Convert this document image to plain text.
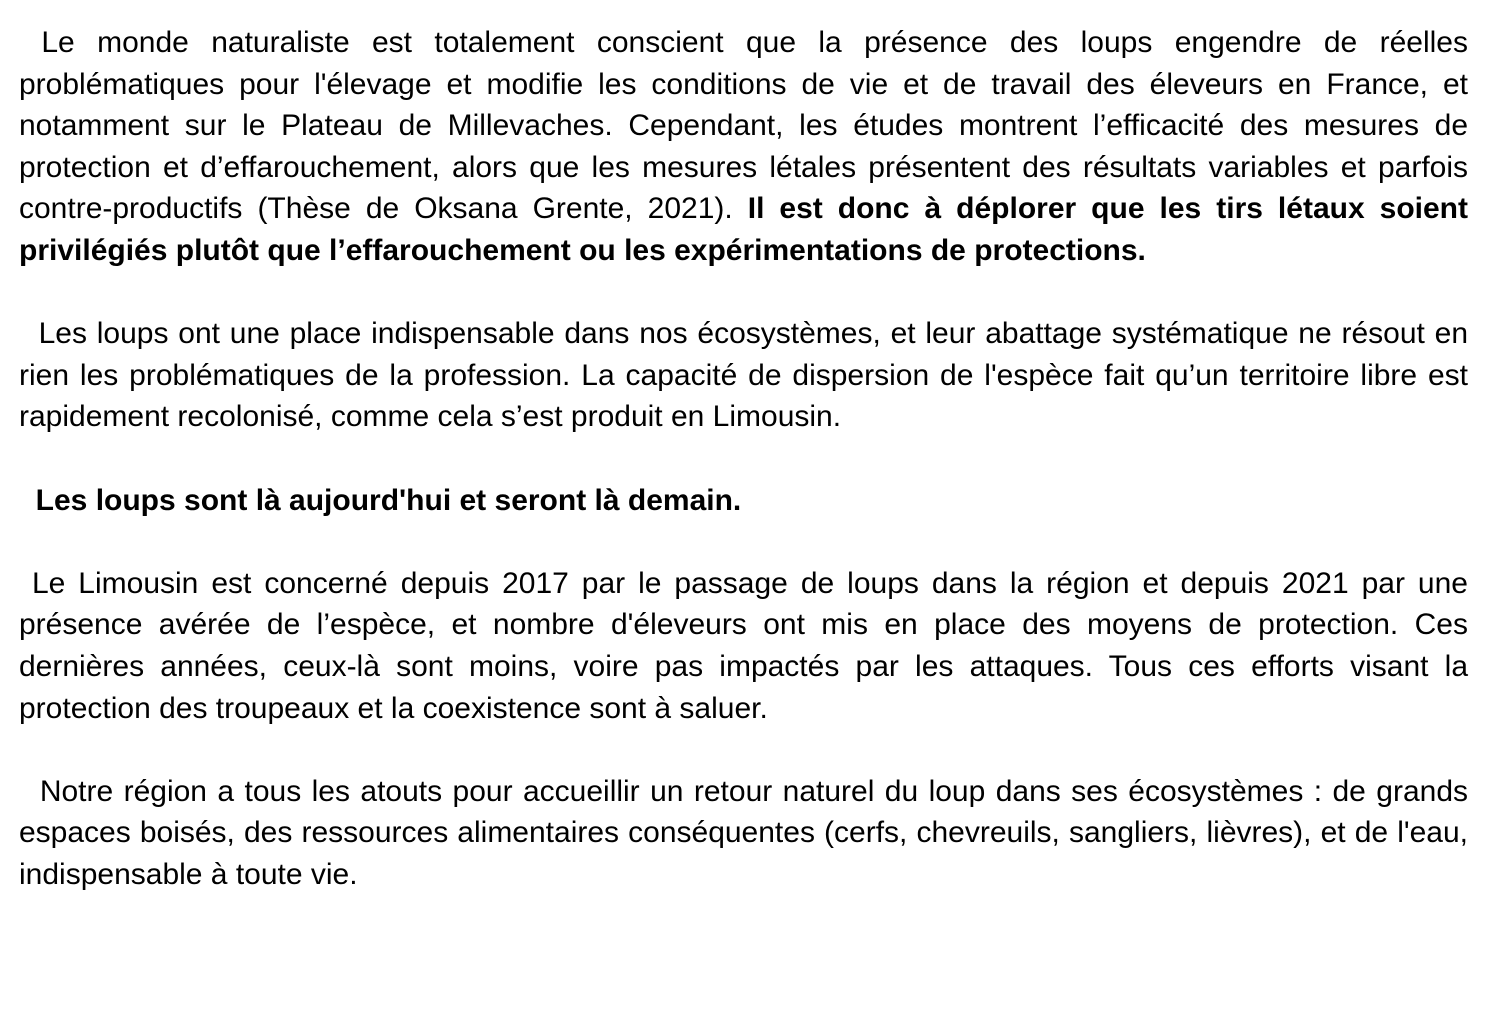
Le monde naturaliste est totalement conscient que la présence des loups engendre de réelles problématiques pour l'élevage et modifie les conditions de vie et de travail des éleveurs en France, et notamment sur le Plateau de Millevaches. Cependant, les études montrent l’efficacité des mesures de protection et d’effarouchement, alors que les mesures létales présentent des résultats variables et parfois contre-productifs (Thèse de Oksana Grente, 2021). Il est donc à déplorer que les tirs létaux soient privilégiés plutôt que l’effarouchement ou les expérimentations de protections.

Les loups ont une place indispensable dans nos écosystèmes, et leur abattage systématique ne résout en rien les problématiques de la profession. La capacité de dispersion de l'espèce fait qu’un territoire libre est rapidement recolonisé, comme cela s’est produit en Limousin.

Les loups sont là aujourd'hui et seront là demain.

Le Limousin est concerné depuis 2017 par le passage de loups dans la région et depuis 2021 par une présence avérée de l’espèce, et nombre d'éleveurs ont mis en place des moyens de protection. Ces dernières années, ceux-là sont moins, voire pas impactés par les attaques. Tous ces efforts visant la protection des troupeaux et la coexistence sont à saluer.

Notre région a tous les atouts pour accueillir un retour naturel du loup dans ses écosystèmes : de grands espaces boisés, des ressources alimentaires conséquentes (cerfs, chevreuils, sangliers, lièvres), et de l'eau, indispensable à toute vie.
